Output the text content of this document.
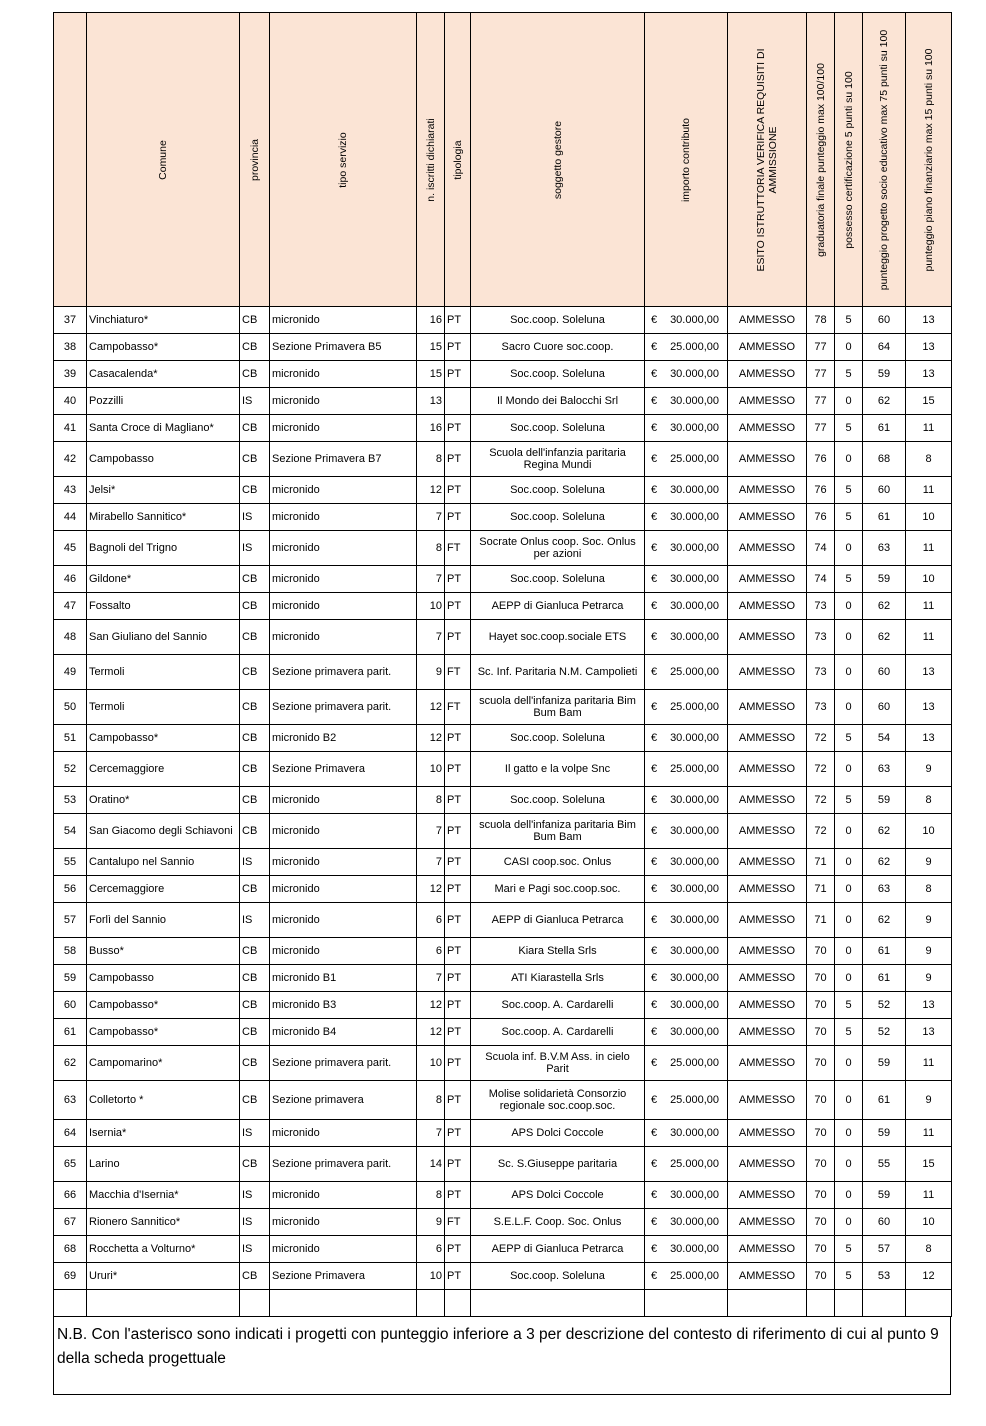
	Comune	provincia	tipo servizio	n. iscritti dichiarati	tipologia	soggetto gestore	importo contributo	ESITO ISTRUTTORIA VERIFICA REQUISITI DI AMMISSIONE	graduatoria finale punteggio max 100/100	possesso certificazione 5 punti su 100	punteggio progetto socio educativo max 75 punti su 100	punteggio piano finanziario max 15 punti su 100

37	Vinchiaturo*	CB	micronido	16	PT	Soc.coop. Soleluna	€ 30.000,00	AMMESSO	78	5	60	13
38	Campobasso*	CB	Sezione Primavera B5	15	PT	Sacro Cuore soc.coop.	€ 25.000,00	AMMESSO	77	0	64	13
39	Casacalenda*	CB	micronido	15	PT	Soc.coop. Soleluna	€ 30.000,00	AMMESSO	77	5	59	13
40	Pozzilli	IS	micronido	13		Il Mondo dei Balocchi Srl	€ 30.000,00	AMMESSO	77	0	62	15
41	Santa Croce di Magliano*	CB	micronido	16	PT	Soc.coop. Soleluna	€ 30.000,00	AMMESSO	77	5	61	11
42	Campobasso	CB	Sezione Primavera B7	8	PT	Scuola dell'infanzia paritaria Regina Mundi	€ 25.000,00	AMMESSO	76	0	68	8
43	Jelsi*	CB	micronido	12	PT	Soc.coop. Soleluna	€ 30.000,00	AMMESSO	76	5	60	11
44	Mirabello Sannitico*	IS	micronido	7	PT	Soc.coop. Soleluna	€ 30.000,00	AMMESSO	76	5	61	10
45	Bagnoli del Trigno	IS	micronido	8	FT	Socrate Onlus coop. Soc. Onlus per azioni	€ 30.000,00	AMMESSO	74	0	63	11
46	Gildone*	CB	micronido	7	PT	Soc.coop. Soleluna	€ 30.000,00	AMMESSO	74	5	59	10
47	Fossalto	CB	micronido	10	PT	AEPP di Gianluca Petrarca	€ 30.000,00	AMMESSO	73	0	62	11
48	San Giuliano del Sannio	CB	micronido	7	PT	Hayet soc.coop.sociale ETS	€ 30.000,00	AMMESSO	73	0	62	11
49	Termoli	CB	Sezione primavera parit.	9	FT	Sc. Inf. Paritaria N.M. Campolieti	€ 25.000,00	AMMESSO	73	0	60	13
50	Termoli	CB	Sezione primavera parit.	12	FT	scuola dell'infaniza paritaria Bim Bum Bam	€ 25.000,00	AMMESSO	73	0	60	13
51	Campobasso*	CB	micronido B2	12	PT	Soc.coop. Soleluna	€ 30.000,00	AMMESSO	72	5	54	13
52	Cercemaggiore	CB	Sezione Primavera	10	PT	Il gatto e la volpe Snc	€ 25.000,00	AMMESSO	72	0	63	9
53	Oratino*	CB	micronido	8	PT	Soc.coop. Soleluna	€ 30.000,00	AMMESSO	72	5	59	8
54	San Giacomo degli Schiavoni	CB	micronido	7	PT	scuola dell'infaniza paritaria Bim Bum Bam	€ 30.000,00	AMMESSO	72	0	62	10
55	Cantalupo nel Sannio	IS	micronido	7	PT	CASI coop.soc. Onlus	€ 30.000,00	AMMESSO	71	0	62	9
56	Cercemaggiore	CB	micronido	12	PT	Mari e Pagi soc.coop.soc.	€ 30.000,00	AMMESSO	71	0	63	8
57	Forlì del Sannio	IS	micronido	6	PT	AEPP di Gianluca Petrarca	€ 30.000,00	AMMESSO	71	0	62	9
58	Busso*	CB	micronido	6	PT	Kiara Stella Srls	€ 30.000,00	AMMESSO	70	0	61	9
59	Campobasso	CB	micronido B1	7	PT	ATI Kiarastella Srls	€ 30.000,00	AMMESSO	70	0	61	9
60	Campobasso*	CB	micronido B3	12	PT	Soc.coop. A. Cardarelli	€ 30.000,00	AMMESSO	70	5	52	13
61	Campobasso*	CB	micronido B4	12	PT	Soc.coop. A. Cardarelli	€ 30.000,00	AMMESSO	70	5	52	13
62	Campomarino*	CB	Sezione primavera parit.	10	PT	Scuola inf. B.V.M Ass. in cielo Parit	€ 25.000,00	AMMESSO	70	0	59	11
63	Colletorto *	CB	Sezione primavera	8	PT	Molise solidarietà Consorzio regionale soc.coop.soc.	€ 25.000,00	AMMESSO	70	0	61	9
64	Isernia*	IS	micronido	7	PT	APS Dolci Coccole	€ 30.000,00	AMMESSO	70	0	59	11
65	Larino	CB	Sezione primavera parit.	14	PT	Sc. S.Giuseppe paritaria	€ 25.000,00	AMMESSO	70	0	55	15
66	Macchia d'Isernia*	IS	micronido	8	PT	APS Dolci Coccole	€ 30.000,00	AMMESSO	70	0	59	11
67	Rionero Sannitico*	IS	micronido	9	FT	S.E.L.F. Coop. Soc. Onlus	€ 30.000,00	AMMESSO	70	0	60	10
68	Rocchetta a Volturno*	IS	micronido	6	PT	AEPP di Gianluca Petrarca	€ 30.000,00	AMMESSO	70	5	57	8
69	Ururi*	CB	Sezione Primavera	10	PT	Soc.coop. Soleluna	€ 25.000,00	AMMESSO	70	5	53	12

N.B. Con l'asterisco sono indicati i progetti con punteggio inferiore a 3 per descrizione del contesto di riferimento di cui al punto 9 della scheda progettuale
